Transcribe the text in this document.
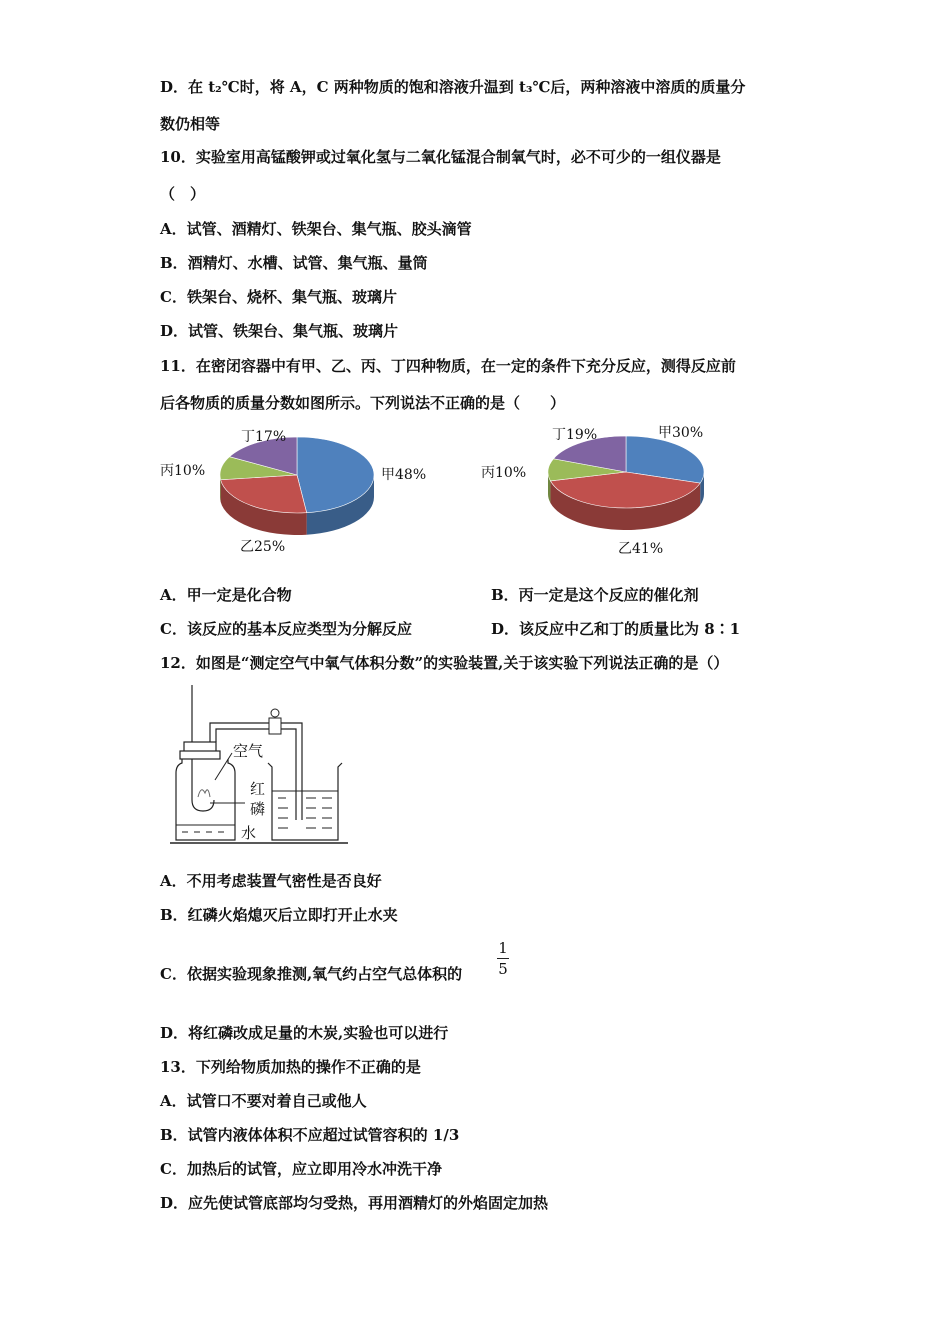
D．在 t₂℃时，将 A，C 两种物质的饱和溶液升温到 t₃℃后，两种溶液中溶质的质量分
数仍相等
10．实验室用高锰酸钾或过氧化氢与二氧化锰混合制氧气时，必不可少的一组仪器是
（　）
A．试管、酒精灯、铁架台、集气瓶、胶头滴管
B．酒精灯、水槽、试管、集气瓶、量筒
C．铁架台、烧杯、集气瓶、玻璃片
D．试管、铁架台、集气瓶、玻璃片
11．在密闭容器中有甲、乙、丙、丁四种物质，在一定的条件下充分反应，测得反应前
后各物质的质量分数如图所示。下列说法不正确的是（　　）
丁17%
丙10%	甲48%
乙25%
丁19%	甲30%
丙10%
乙41%
A．甲一定是化合物	B．丙一定是这个反应的催化剂
C．该反应的基本反应类型为分解反应	D．该反应中乙和丁的质量比为 8∶1
12．如图是“测定空气中氧气体积分数”的实验装置,关于该实验下列说法正确的是（）
空气
红
磷
水
A．不用考虑装置气密性是否良好
B．红磷火焰熄灭后立即打开止水夹
C．依据实验现象推测,氧气约占空气总体积的
1
5
D．将红磷改成足量的木炭,实验也可以进行
13．下列给物质加热的操作不正确的是
A．试管口不要对着自己或他人
B．试管内液体体积不应超过试管容积的 1/3
C．加热后的试管，应立即用冷水冲洗干净
D．应先使试管底部均匀受热，再用酒精灯的外焰固定加热
